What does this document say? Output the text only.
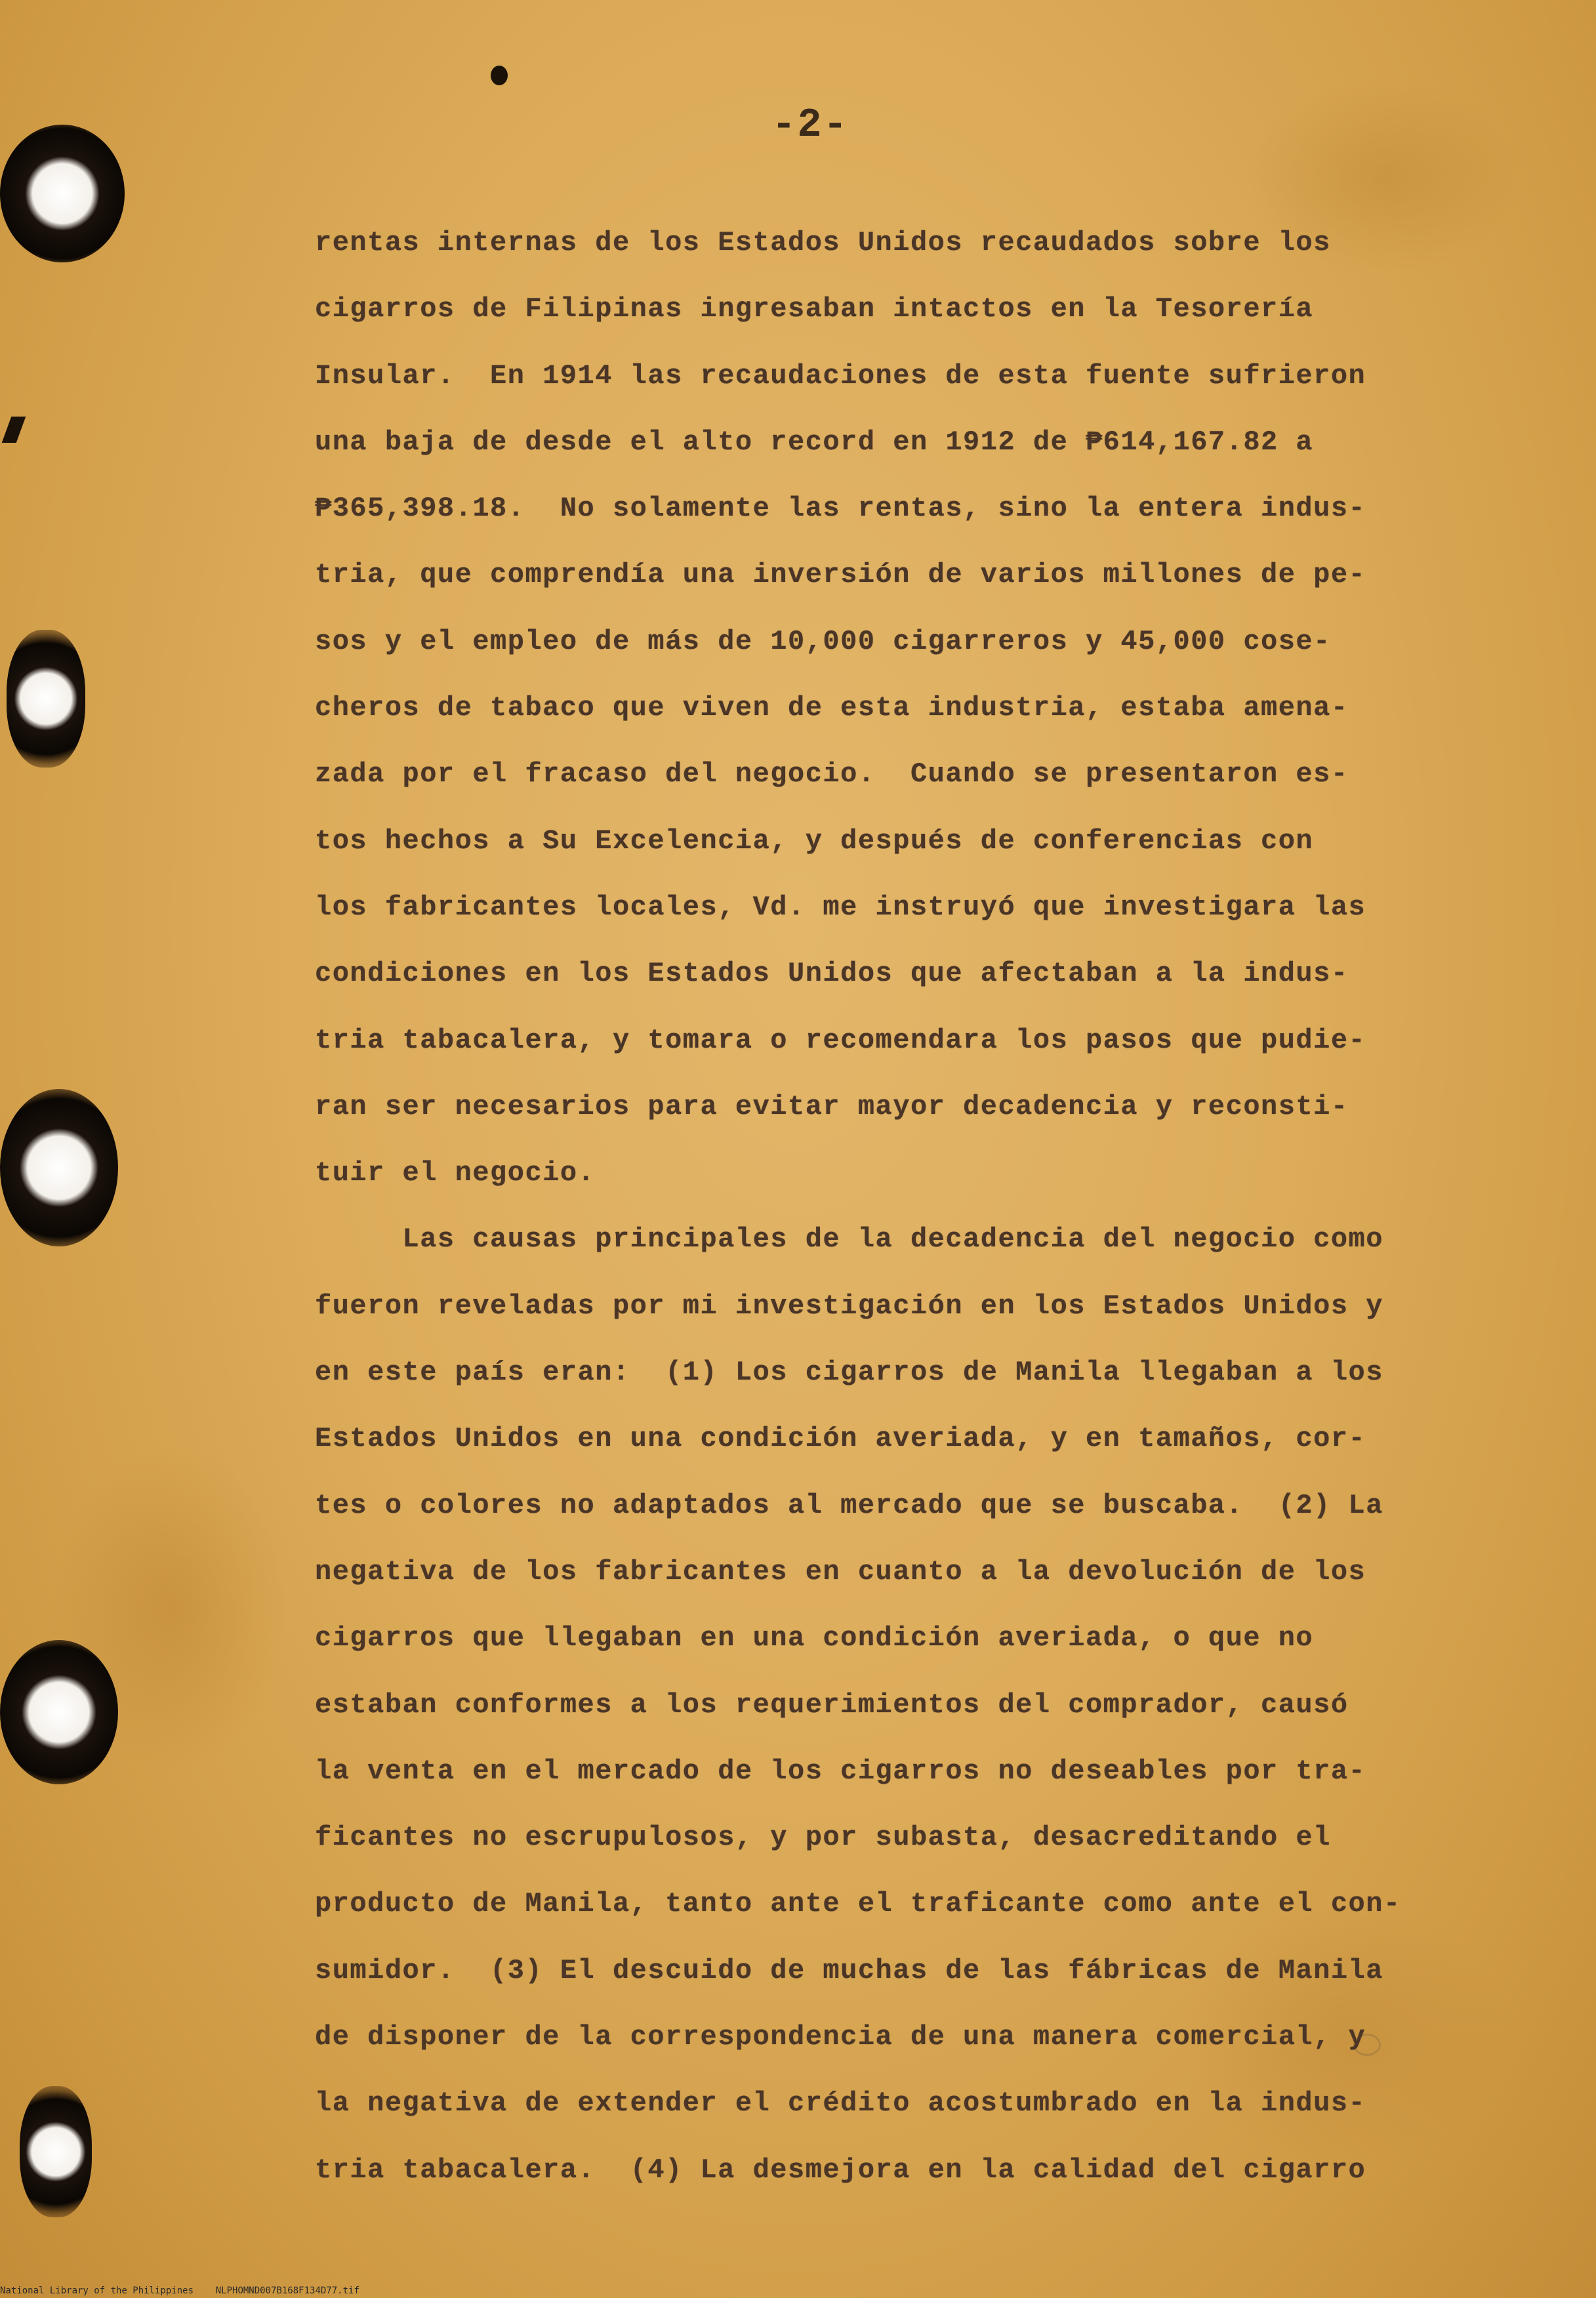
-2-
rentas internas de los Estados Unidos recaudados sobre los
cigarros de Filipinas ingresaban intactos en la Tesorería
Insular.  En 1914 las recaudaciones de esta fuente sufrieron
una baja de desde el alto record en 1912 de ₱614,167.82 a
₱365,398.18.  No solamente las rentas, sino la entera indus-
tria, que comprendía una inversión de varios millones de pe-
sos y el empleo de más de 10,000 cigarreros y 45,000 cose-
cheros de tabaco que viven de esta industria, estaba amena-
zada por el fracaso del negocio.  Cuando se presentaron es-
tos hechos a Su Excelencia, y después de conferencias con
los fabricantes locales, Vd. me instruyó que investigara las
condiciones en los Estados Unidos que afectaban a la indus-
tria tabacalera, y tomara o recomendara los pasos que pudie-
ran ser necesarios para evitar mayor decadencia y reconsti-
tuir el negocio.
Las causas principales de la decadencia del negocio como
fueron reveladas por mi investigación en los Estados Unidos y
en este país eran:  (1) Los cigarros de Manila llegaban a los
Estados Unidos en una condición averiada, y en tamaños, cor-
tes o colores no adaptados al mercado que se buscaba.  (2) La
negativa de los fabricantes en cuanto a la devolución de los
cigarros que llegaban en una condición averiada, o que no
estaban conformes a los requerimientos del comprador, causó
la venta en el mercado de los cigarros no deseables por tra-
ficantes no escrupulosos, y por subasta, desacreditando el
producto de Manila, tanto ante el traficante como ante el con-
sumidor.  (3) El descuido de muchas de las fábricas de Manila
de disponer de la correspondencia de una manera comercial, y
la negativa de extender el crédito acostumbrado en la indus-
tria tabacalera.  (4) La desmejora en la calidad del cigarro
National Library of the Philippines NLPHOMND007B168F134D77.tif
